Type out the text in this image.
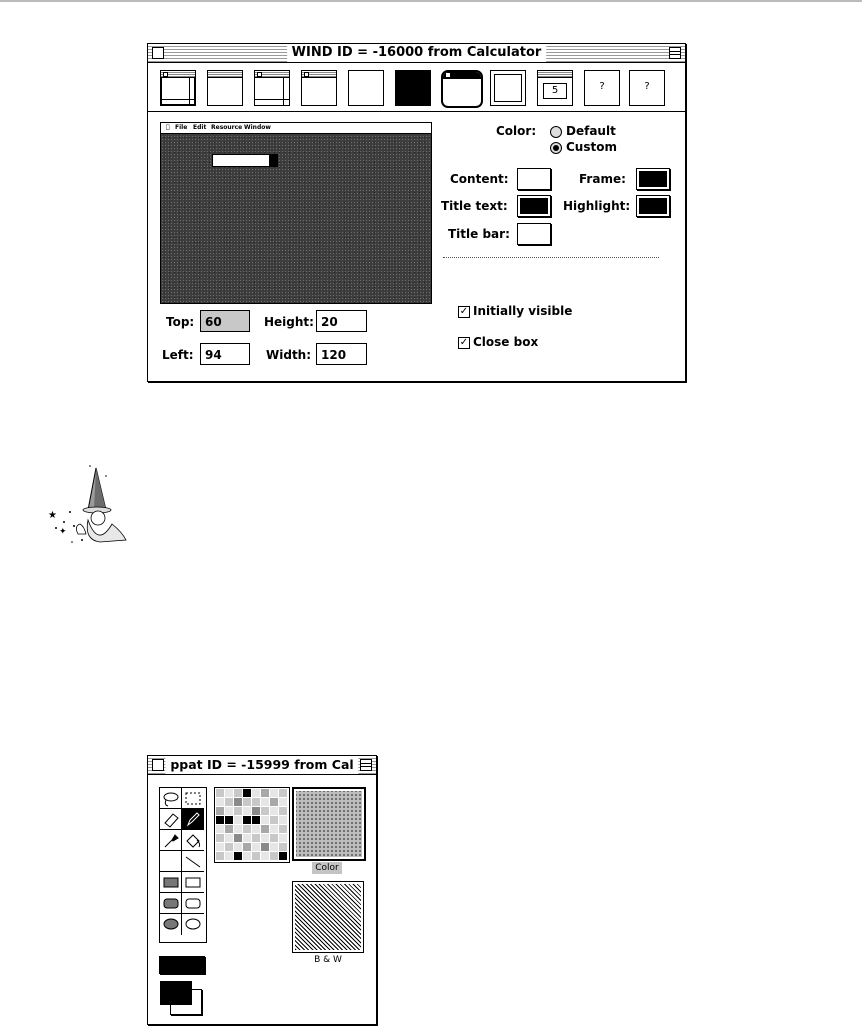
WIND ID = -16000 from Calculator
5	?	?
File Edit Resource Window
Top: 60	Height: 20
Left: 94	Width: 120
Color: Default
Custom
Content:	Frame:
Title text:	Highlight:
Title bar:
✓ Initially visible
✓ Close box
★
✦
ppat ID = -15999 from Cal
Color
B & W
